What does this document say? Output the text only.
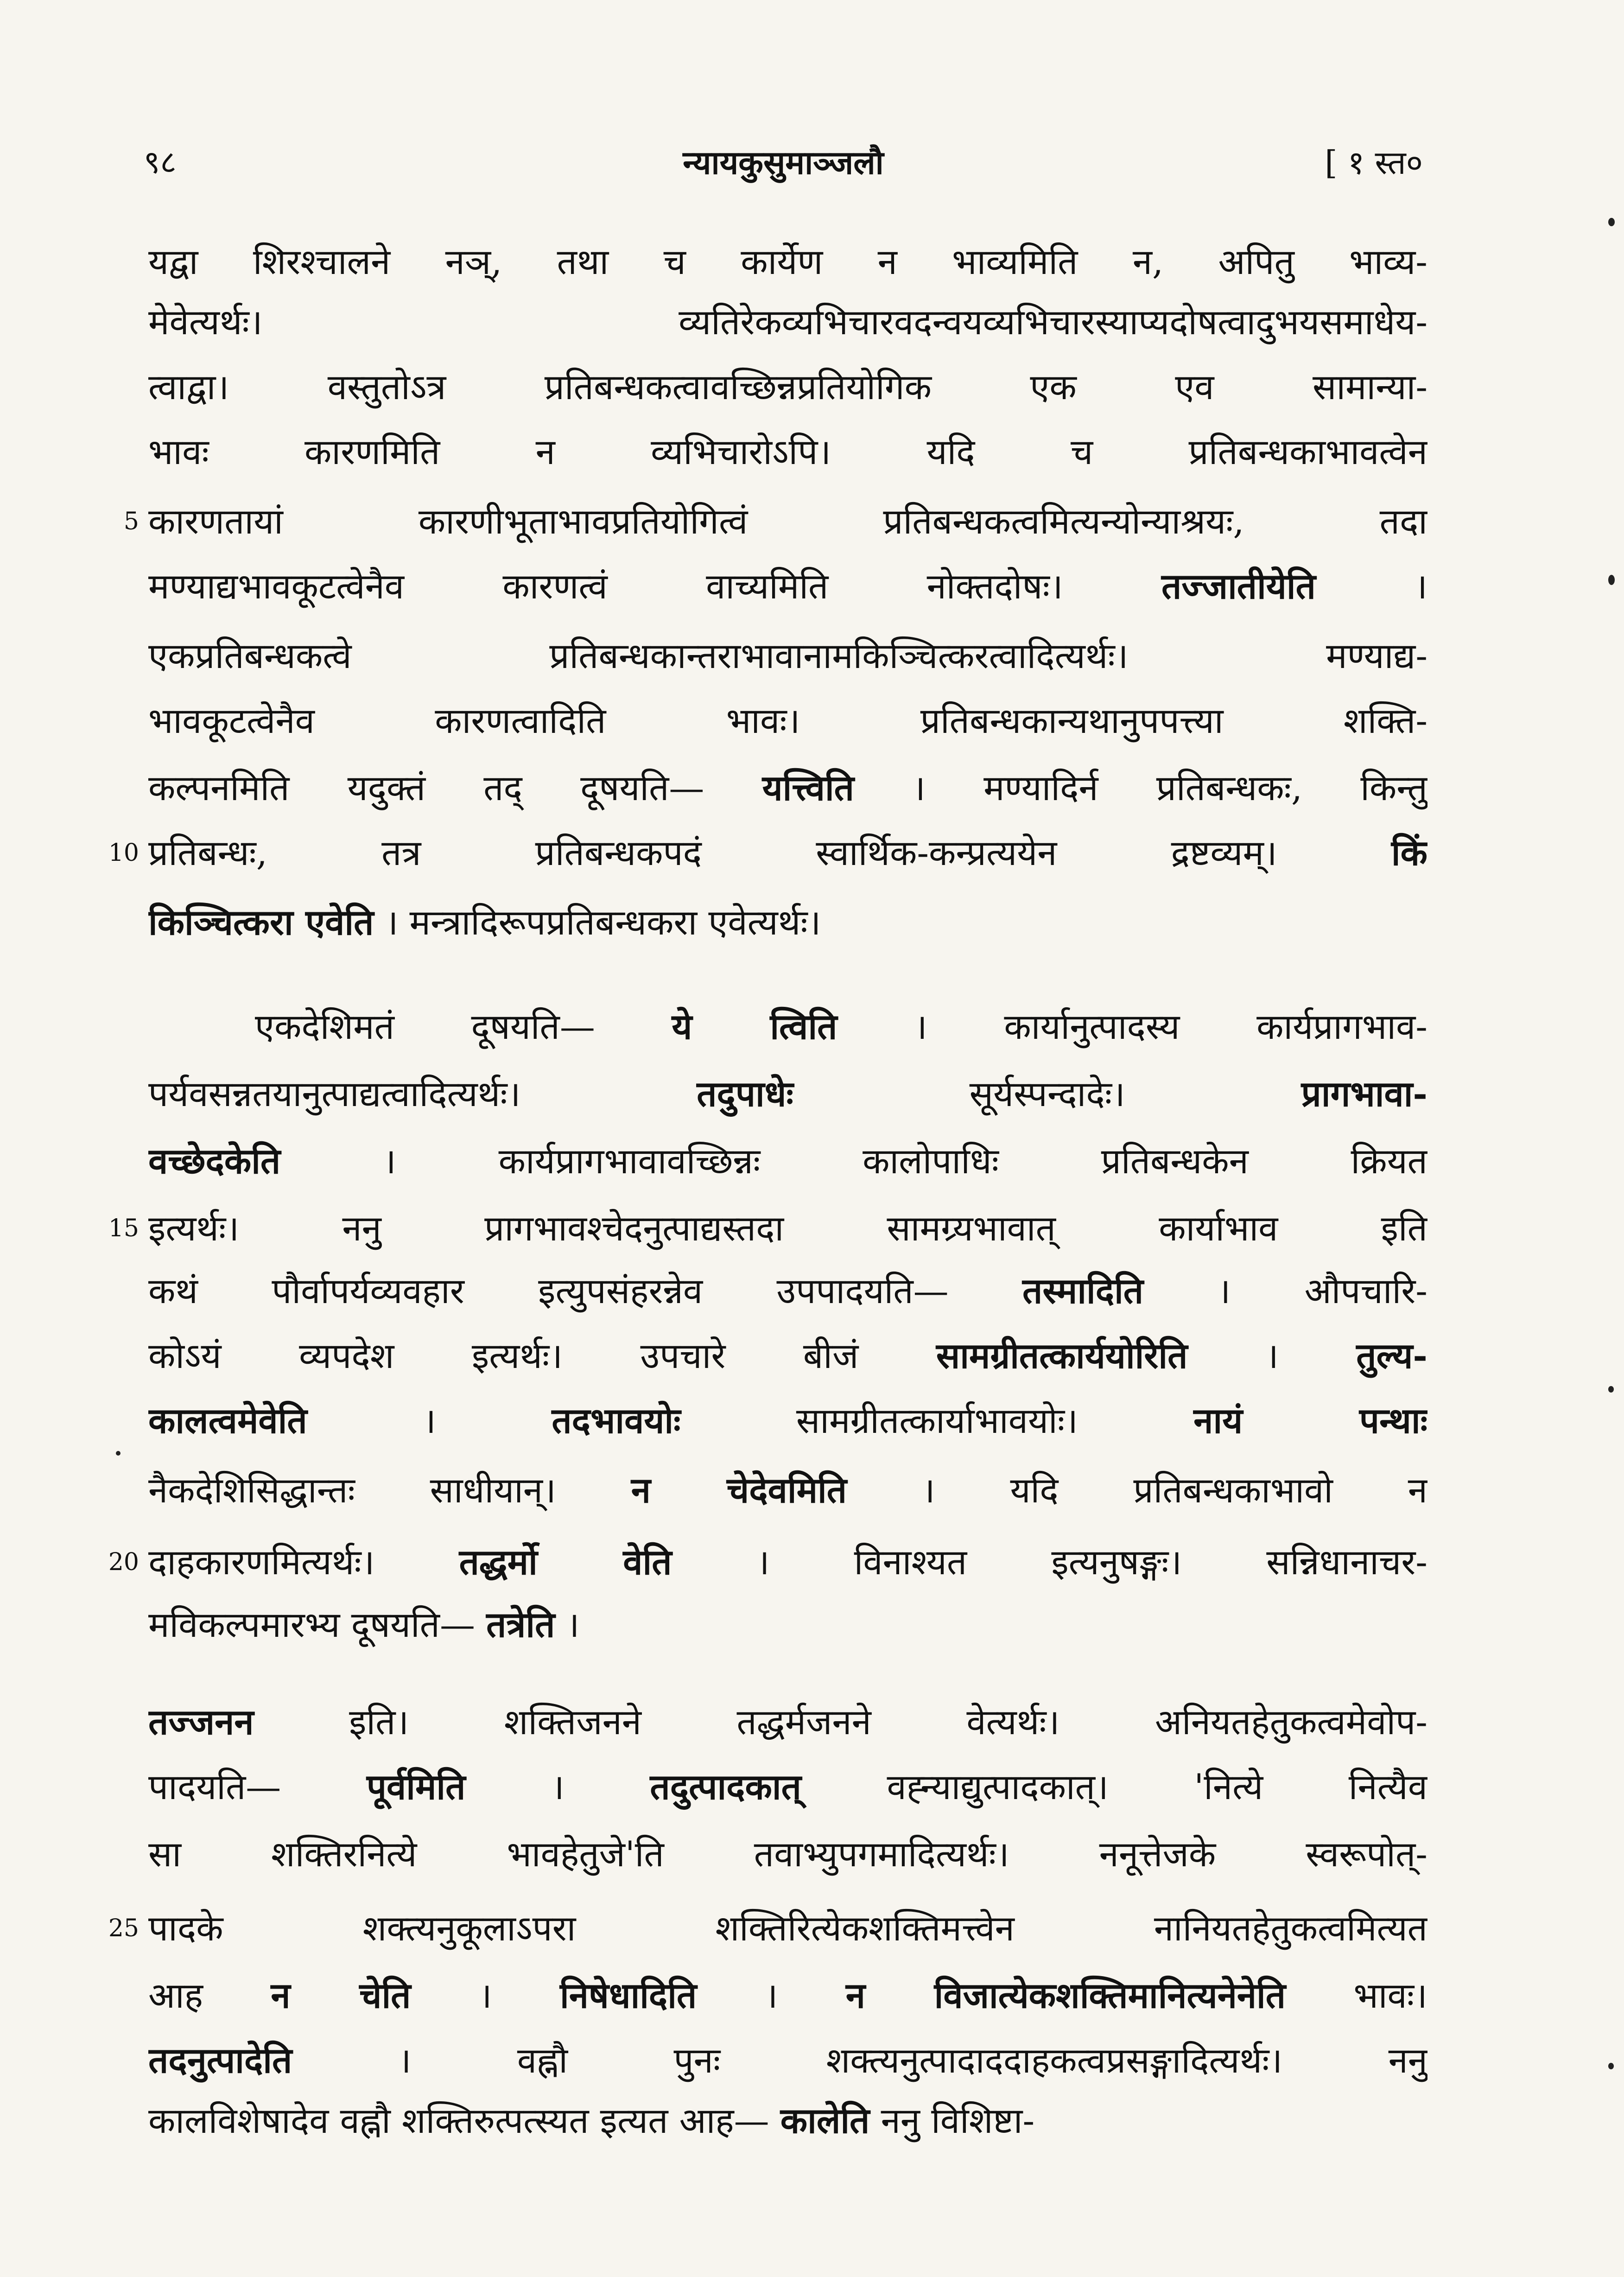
९८	न्यायकुसुमाञ्जलौ	[ १ स्त०
5
10
15
20
25
यद्वा शिरश्चालने नञ्, तथा च कार्येण न भाव्यमिति न, अपितु भाव्य-
मेवेत्यर्थः। व्यतिरेकव्यभिचारवदन्वयव्यभिचारस्याप्यदोषत्वादुभयसमाधेय-
त्वाद्वा। वस्तुतोऽत्र प्रतिबन्धकत्वावच्छिन्नप्रतियोगिक एक एव सामान्या-
भावः कारणमिति न व्यभिचारोऽपि। यदि च प्रतिबन्धकाभावत्वेन
कारणतायां कारणीभूताभावप्रतियोगित्वं प्रतिबन्धकत्वमित्यन्योन्याश्रयः, तदा
मण्याद्यभावकूटत्वेनैव कारणत्वं वाच्यमिति नोक्तदोषः।	तज्जातीयेति	।
एकप्रतिबन्धकत्वे प्रतिबन्धकान्तराभावानामकिञ्चित्करत्वादित्यर्थः। मण्याद्य-
भावकूटत्वेनैव कारणत्वादिति भावः। प्रतिबन्धकान्यथानुपपत्त्या शक्ति-
कल्पनमिति यदुक्तं तद् दूषयति— यत्त्विति । मण्यादिर्न प्रतिबन्धकः, किन्तु
प्रतिबन्धः, तत्र प्रतिबन्धकपदं स्वार्थिक-कन्प्रत्ययेन द्रष्टव्यम्।	किं
किञ्चित्करा एवेति । मन्त्रादिरूपप्रतिबन्धकरा एवेत्यर्थः।
एकदेशिमतं दूषयति— ये त्विति । कार्यानुत्पादस्य कार्यप्रागभाव-
पर्यवसन्नतयानुत्पाद्यत्वादित्यर्थः।	तदुपाधेः	सूर्यस्पन्दादेः।	प्रागभावा-
वच्छेदकेति	। कार्यप्रागभावावच्छिन्नः कालोपाधिः प्रतिबन्धकेन क्रियत
इत्यर्थः। ननु प्रागभावश्चेदनुत्पाद्यस्तदा सामग्र्यभावात् कार्याभाव इति
कथं पौर्वापर्यव्यवहार इत्युपसंहरन्नेव उपपादयति— तस्मादिति । औपचारि-
कोऽयं व्यपदेश इत्यर्थः। उपचारे बीजं सामग्रीतत्कार्ययोरिति । तुल्य-
कालत्वमेवेति	।	तदभावयोः	सामग्रीतत्कार्याभावयोः।	नायं पन्थाः
नैकदेशिसिद्धान्तः साधीयान्। न चेदेवमिति । यदि प्रतिबन्धकाभावो न
दाहकारणमित्यर्थः। तद्धर्मो वेति । विनाश्यत इत्यनुषङ्गः। सन्निधानाचर-
मविकल्पमारभ्य दूषयति— तत्रेति ।
तज्जनन	इति। शक्तिजनने तद्धर्मजनने वेत्यर्थः। अनियतहेतुकत्वमेवोप-
पादयति— पूर्वमिति । तदुत्पादकात् वह्न्याद्युत्पादकात्। 'नित्ये नित्यैव
सा शक्तिरनित्ये भावहेतुजे'ति तवाभ्युपगमादित्यर्थः। ननूत्तेजके स्वरूपोत्-
पादके शक्त्यनुकूलाऽपरा शक्तिरित्येकशक्तिमत्त्वेन नानियतहेतुकत्वमित्यत
आह न चेति । निषेधादिति । न विजात्येकशक्तिमानित्यनेनेति भावः।
तदनुत्पादेति	। वह्नौ पुनः शक्त्यनुत्पादाददाहकत्वप्रसङ्गादित्यर्थः। ननु
कालविशेषादेव वह्नौ शक्तिरुत्पत्स्यत इत्यत आह— कालेति ननु विशिष्टा-
